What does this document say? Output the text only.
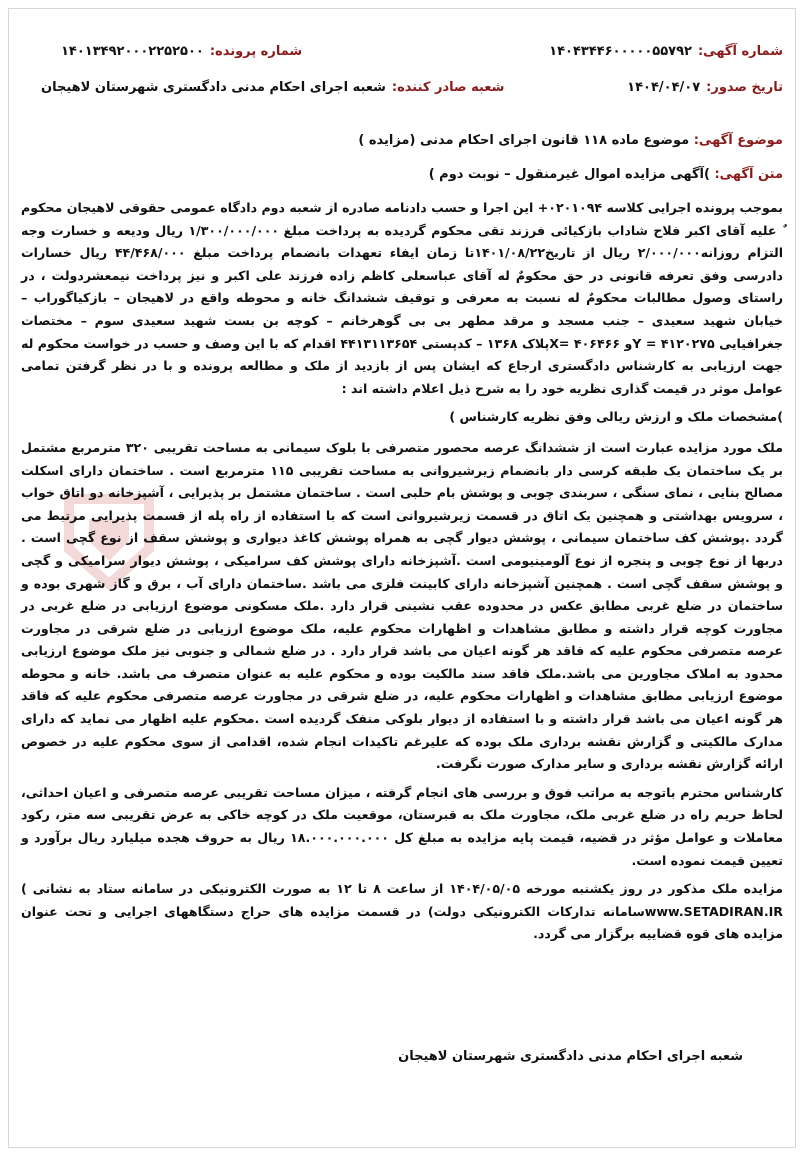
شماره آگهی:
۱۴۰۴۳۴۴۶۰۰۰۰۰۵۵۷۹۲
شماره پرونده:
۱۴۰۱۳۴۹۲۰۰۰۲۲۵۲۵۰۰
تاریخ صدور:
۱۴۰۴/۰۴/۰۷
شعبه صادر کننده:
شعبه اجرای احکام مدنی دادگستری شهرستان لاهیجان
موضوع آگهی: موضوع ماده ۱۱۸ قانون اجرای احکام مدنی (مزایده )
متن آگهی: )آگهی مزایده اموال غیرمنقول – نوبت دوم )

بموجب پرونده اجرایی کلاسه ۰۲۰۱۰۹۴+ این اجرا و حسب دادنامه صادره از شعبه دوم دادگاه عمومی حقوقی لاهیجان محکوم ٌ علیه آقای اکبر فلاح شاداب بازکیائی فرزند تقی محکوم گردیده به پرداخت مبلغ ۱/۳۰۰/۰۰۰/۰۰۰ ریال ودیعه و خسارت وجه التزام روزانه۲/۰۰۰/۰۰۰ ریال از تاریخ۱۴۰۱/۰۸/۲۲تا زمان ایفاء تعهدات بانضمام پرداخت مبلغ ۴۴/۴۶۸/۰۰۰ ریال خسارات دادرسی وفق تعرفه قانونی در حق محکومٌ له آقای عباسعلی کاظم زاده فرزند علی اکبر و نیز پرداخت نیمعشردولت ، در راستای وصول مطالبات محکومٌ له نسبت به معرفی و توقیف ششدانگ خانه و محوطه واقع در لاهیجان – بازکیاگوراب – خیابان شهید سعیدی – جنب مسجد و مرقد مطهر بی بی گوهرخانم – کوچه بن بست شهید سعیدی سوم – مختصات جغرافیایی ۴۱۲۰۲۷۵ = Yو ۴۰۶۴۶۶ =Xپلاک ۱۳۶۸ – کدپستی ۴۴۱۳۱۱۳۶۵۴ اقدام که با این وصف و حسب در خواست محکوم له جهت ارزیابی به کارشناس دادگستری ارجاع که ایشان پس از بازدید از ملک و مطالعه پرونده و با در نظر گرفتن تمامی عوامل موثر در قیمت گذاری نظریه خود را به شرح ذیل اعلام داشته اند :

)مشخصات ملک و ارزش ریالی وفق نظریه کارشناس )

ملک مورد مزایده عبارت است از ششدانگ عرصه محصور متصرفی با بلوک سیمانی به مساحت تقریبی ۳۲۰ مترمربع مشتمل بر یک ساختمان یک طبقه کرسی دار بانضمام زیرشیروانی به مساحت تقریبی ۱۱۵ مترمربع است . ساختمان دارای اسکلت مصالح بنایی ، نمای سنگی ، سربندی چوبی و پوشش بام حلبی است . ساختمان مشتمل بر پذیرایی ، آشپزخانه دو اتاق خواب ، سرویس بهداشتی و همچنین یک اتاق در قسمت زیرشیروانی است که با استفاده از راه پله از قسمت پذیرایی مرتبط می گردد .پوشش کف ساختمان سیمانی ، پوشش دیوار گچی به همراه پوشش کاغذ دیواری و پوشش سقف از نوع گچی است . دربها از نوع چوبی و پنجره از نوع آلومینیومی است .آشپزخانه دارای پوشش کف سرامیکی ، پوشش دیوار سرامیکی و گچی و پوشش سقف گچی است . همچنین آشپزخانه دارای کابینت فلزی می باشد .ساختمان دارای آب ، برق و گاز شهری بوده و ساختمان در ضلع غربی مطابق عکس در محدوده عقب نشینی قرار دارد .ملک مسکونی موضوع ارزیابی در ضلع غربی در مجاورت کوچه قرار داشته و مطابق مشاهدات و اظهارات محکوم علیه، ملک موضوع ارزیابی در ضلع شرقی در مجاورت عرصه متصرفی محکوم علیه که فاقد هر گونه اعیان می باشد قرار دارد . در ضلع شمالی و جنوبی نیز ملک موضوع ارزیابی محدود به املاک مجاورین می باشد.ملک فاقد سند مالکیت بوده و محکوم علیه به عنوان متصرف می باشد. خانه و محوطه موضوع ارزیابی مطابق مشاهدات و اظهارات محکوم علیه، در ضلع شرقی در مجاورت عرصه متصرفی محکوم علیه که فاقد هر گونه اعیان می باشد قرار داشته و با استفاده از دیوار بلوکی منفک گردیده است .محکوم علیه اظهار می نماید که دارای مدارک مالکیتی و گزارش نقشه برداری ملک بوده که علیرغم تاکیدات انجام شده، اقدامی از سوی محکوم علیه در خصوص ارائه گزارش نقشه برداری و سایر مدارک صورت نگرفت.

کارشناس محترم باتوجه به مراتب فوق و بررسی های انجام گرفته ، میزان مساحت تقریبی عرصه متصرفی و اعیان احداثی، لحاظ حریم راه در ضلع غربی ملک، مجاورت ملک به قبرستان، موقعیت ملک در کوچه خاکی به عرض تقریبی سه متر، رکود معاملات و عوامل مؤثر در قضیه، قیمت پایه مزایده به مبلغ کل ۱۸.۰۰۰.۰۰۰.۰۰۰ ریال به حروف هجده میلیارد ریال برآورد و تعیین قیمت نموده است.

مزایده ملک مذکور در روز یکشنبه مورخه ۱۴۰۴/۰۵/۰۵ از ساعت ۸ تا ۱۲ به صورت الکترونیکی در سامانه ستاد به نشانی ) www.SETADIRAN.IRسامانه تدارکات الکترونیکی دولت) در قسمت مزایده های حراج دستگاههای اجرایی و تحت عنوان مزایده های قوه قضاییه برگزار می گردد.

شعبه اجرای احکام مدنی دادگستری شهرستان لاهیجان
